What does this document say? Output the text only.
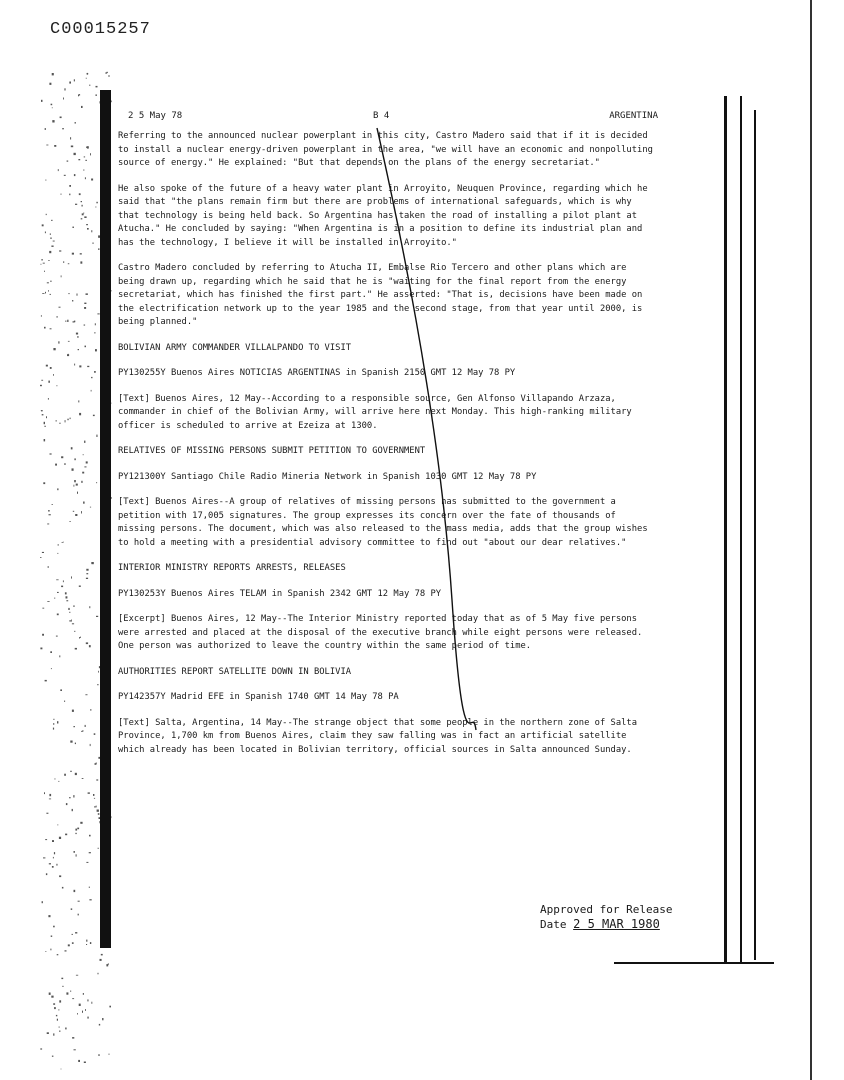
C00015257
2 5 May 78	B 4	ARGENTINA

Referring to the announced nuclear powerplant in this city, Castro Madero said that if it is decided to install a nuclear energy-driven powerplant in the area, "we will have an economic and nonpolluting source of energy." He explained: "But that depends on the plans of the energy secretariat."

He also spoke of the future of a heavy water plant in Arroyito, Neuquen Province, regarding which he said that "the plans remain firm but there are problems of international safeguards, which is why that technology is being held back. So Argentina has taken the road of installing a pilot plant at Atucha." He concluded by saying: "When Argentina is in a position to define its industrial plan and has the technology, I believe it will be installed in Arroyito."

Castro Madero concluded by referring to Atucha II, Embalse Rio Tercero and other plans which are being drawn up, regarding which he said that he is "waiting for the final report from the energy secretariat, which has finished the first part." He asserted: "That is, decisions have been made on the electrification network up to the year 1985 and the second stage, from that year until 2000, is being planned."

BOLIVIAN ARMY COMMANDER VILLALPANDO TO VISIT
PY130255Y Buenos Aires NOTICIAS ARGENTINAS in Spanish 2150 GMT 12 May 78 PY

[Text] Buenos Aires, 12 May--According to a responsible source, Gen Alfonso Villapando Arzaza, commander in chief of the Bolivian Army, will arrive here next Monday. This high-ranking military officer is scheduled to arrive at Ezeiza at 1300.

RELATIVES OF MISSING PERSONS SUBMIT PETITION TO GOVERNMENT
PY121300Y Santiago Chile Radio Mineria Network in Spanish 1030 GMT 12 May 78 PY

[Text] Buenos Aires--A group of relatives of missing persons has submitted to the government a petition with 17,005 signatures. The group expresses its concern over the fate of thousands of missing persons. The document, which was also released to the mass media, adds that the group wishes to hold a meeting with a presidential advisory committee to find out "about our dear relatives."

INTERIOR MINISTRY REPORTS ARRESTS, RELEASES
PY130253Y Buenos Aires TELAM in Spanish 2342 GMT 12 May 78 PY

[Excerpt] Buenos Aires, 12 May--The Interior Ministry reported today that as of 5 May five persons were arrested and placed at the disposal of the executive branch while eight persons were released. One person was authorized to leave the country within the same period of time.

AUTHORITIES REPORT SATELLITE DOWN IN BOLIVIA
PY142357Y Madrid EFE in Spanish 1740 GMT 14 May 78 PA

[Text] Salta, Argentina, 14 May--The strange object that some people in the northern zone of Salta Province, 1,700 km from Buenos Aires, claim they saw falling was in fact an artificial satellite which already has been located in Bolivian territory, official sources in Salta announced Sunday.

Approved for Release
Date 2 5 MAR 1980
